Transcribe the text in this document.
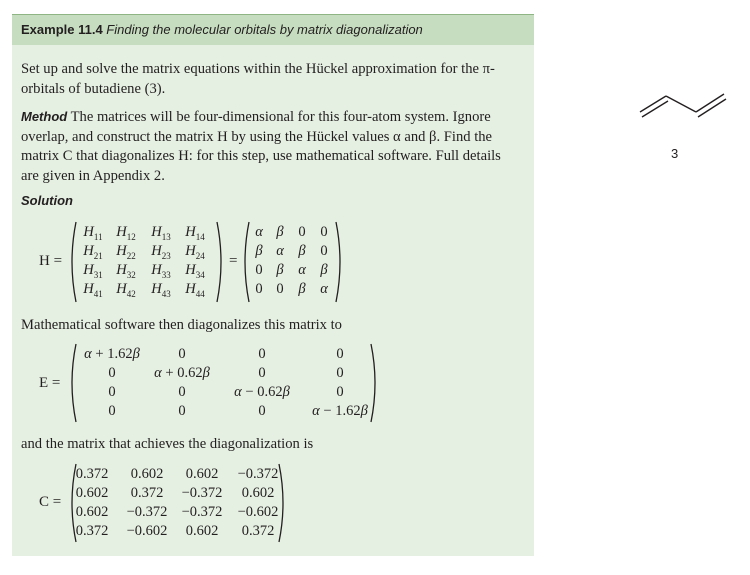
Example 11.4 Finding the molecular orbitals by matrix diagonalization
Set up and solve the matrix equations within the Hückel approximation for the π-
orbitals of butadiene (3).
Method The matrices will be four-dimensional for this four-atom system. Ignore
overlap, and construct the matrix H by using the Hückel values α and β. Find the
matrix C that diagonalizes H: for this step, use mathematical software. Full details
are given in Appendix 2.
Solution
H =
$H_{11}$ $H_{12}$ $H_{13}$ $H_{14}$
$H_{21}$ $H_{22}$ $H_{23}$ $H_{24}$
$H_{31}$ $H_{32}$ $H_{33}$ $H_{34}$
$H_{41}$ $H_{42}$ $H_{43}$ $H_{44}$
=
α β 0 0
β α β 0
0 β α β
0 0 β α
Mathematical software then diagonalizes this matrix to
E =
α + 1.62β	0	0	0
0	α + 0.62β	0	0
0	0	α − 0.62β	0
0	0	0	α − 1.62β
and the matrix that achieves the diagonalization is
C =
0.372 0.602 0.602 −0.372
0.602 0.372 −0.372 0.602
0.602 −0.372 −0.372 −0.602
0.372 −0.602 0.602 0.372
3
